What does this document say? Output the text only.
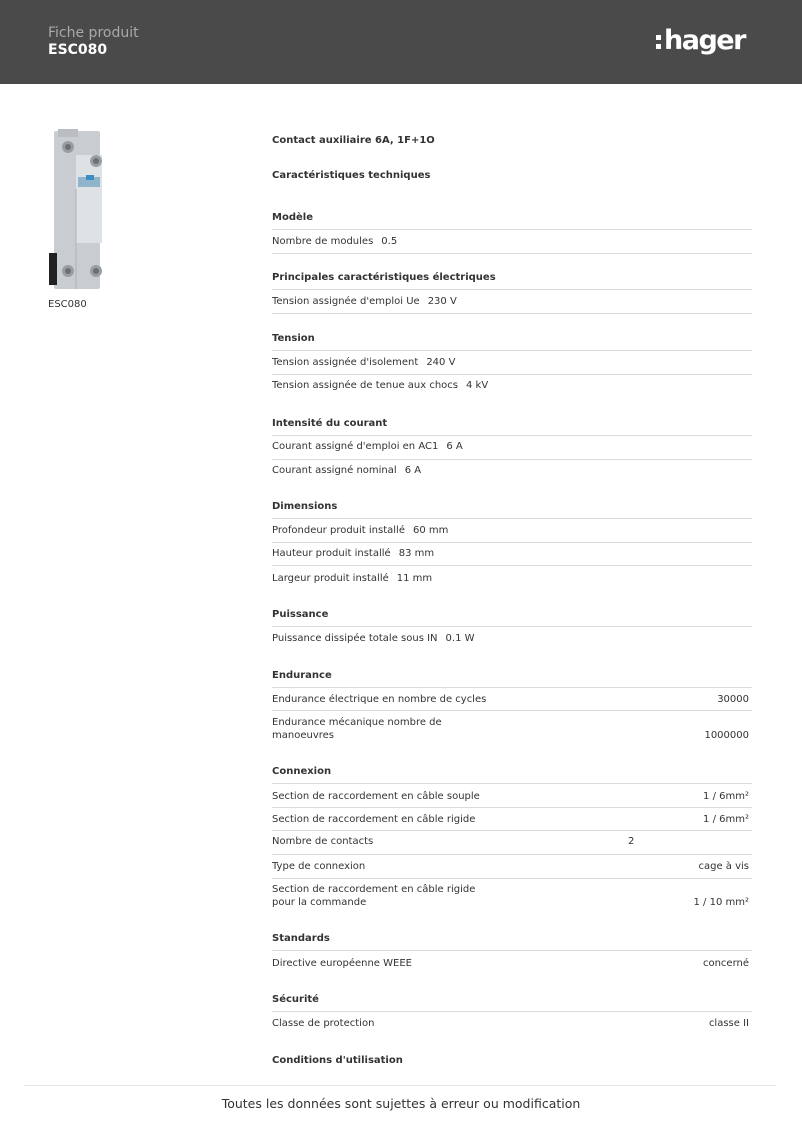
Fiche produit
ESC080	hager
ESC080
Contact auxiliaire 6A, 1F+1O
Caractéristiques techniques
Modèle
Nombre de modules 0.5
Principales caractéristiques électriques
Tension assignée d'emploi Ue 230 V
Tension
Tension assignée d'isolement 240 V
Tension assignée de tenue aux chocs 4 kV
Intensité du courant
Courant assigné d'emploi en AC1 6 A
Courant assigné nominal 6 A
Dimensions
Profondeur produit installé 60 mm
Hauteur produit installé 83 mm
Largeur produit installé 11 mm
Puissance
Puissance dissipée totale sous IN 0.1 W
Endurance
Endurance électrique en nombre de cycles	30000
Endurance mécanique nombre de
manoeuvres	1000000
Connexion
Section de raccordement en câble souple	1 / 6mm²
Section de raccordement en câble rigide	1 / 6mm²
Nombre de contacts	2
Type de connexion	cage à vis
Section de raccordement en câble rigide
pour la commande	1 / 10 mm²
Standards
Directive européenne WEEE	concerné
Sécurité
Classe de protection	classe II
Conditions d'utilisation
Toutes les données sont sujettes à erreur ou modification
